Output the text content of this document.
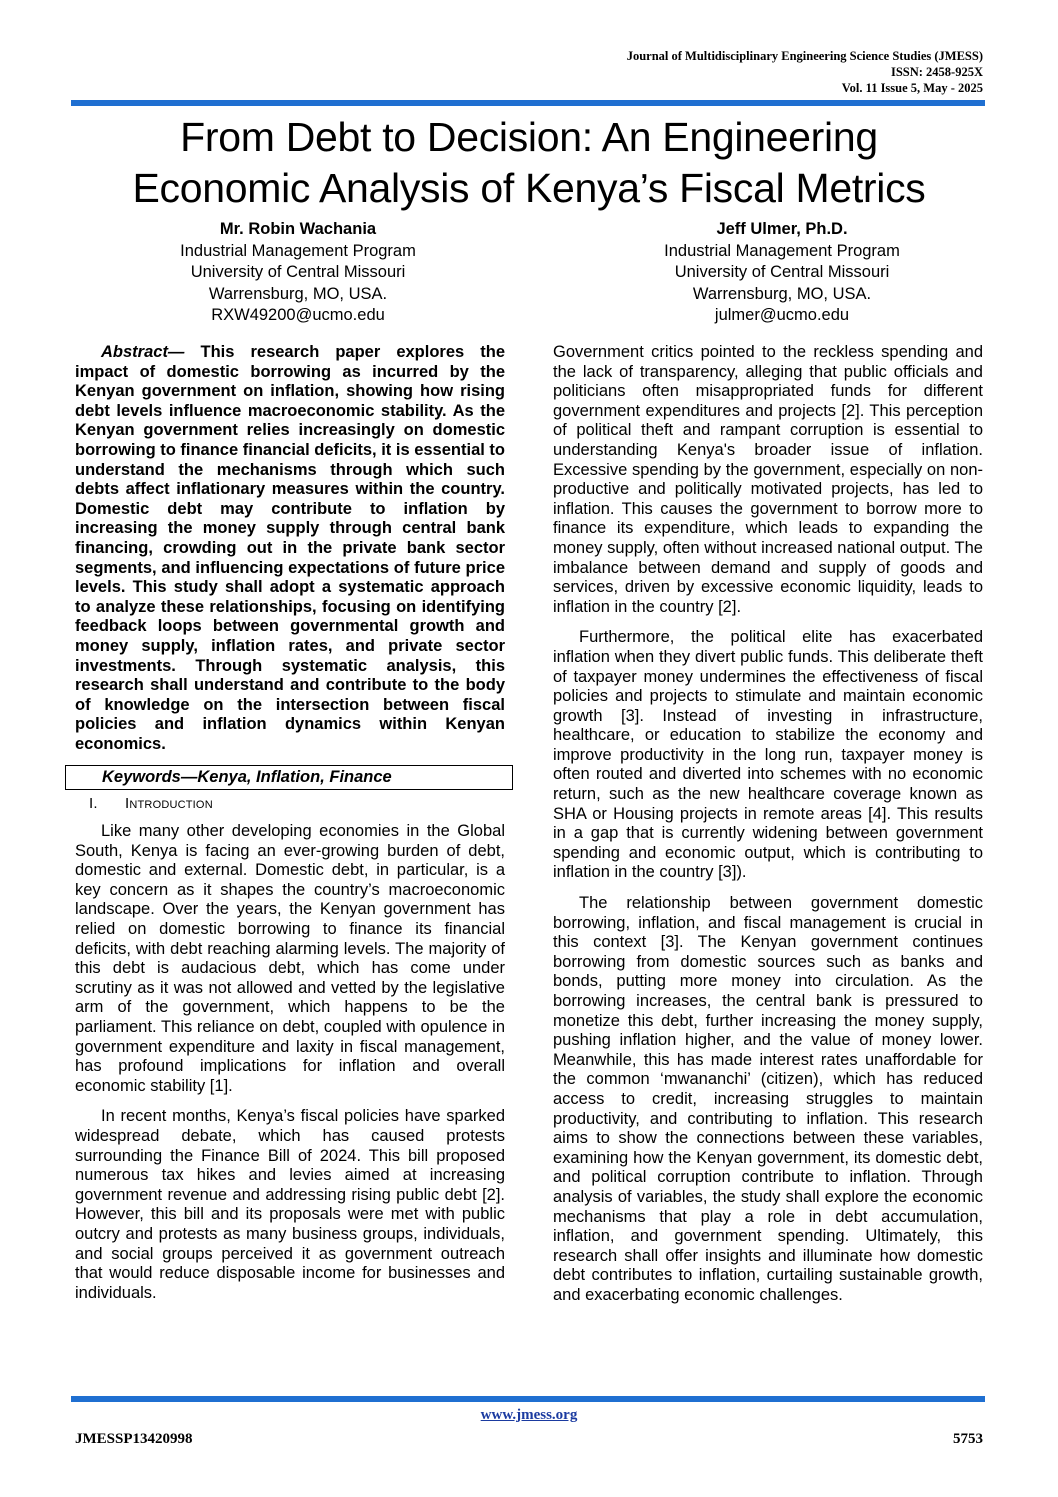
Journal of Multidisciplinary Engineering Science Studies (JMESS)
ISSN: 2458-925X
Vol. 11 Issue 5, May - 2025
From Debt to Decision: An Engineering
Economic Analysis of Kenya’s Fiscal Metrics
Mr. Robin Wachania
Industrial Management Program
University of Central Missouri
Warrensburg, MO, USA.
RXW49200@ucmo.edu
Jeff Ulmer, Ph.D.
Industrial Management Program
University of Central Missouri
Warrensburg, MO, USA.
julmer@ucmo.edu

Abstract— This research paper explores the impact of domestic borrowing as incurred by the Kenyan government on inflation, showing how rising debt levels influence macroeconomic stability. As the Kenyan government relies increasingly on domestic borrowing to finance financial deficits, it is essential to understand the mechanisms through which such debts affect inflationary measures within the country. Domestic debt may contribute to inflation by increasing the money supply through central bank financing, crowding out in the private bank sector segments, and influencing expectations of future price levels. This study shall adopt a systematic approach to analyze these relationships, focusing on identifying feedback loops between governmental growth and money supply, inflation rates, and private sector investments. Through systematic analysis, this research shall understand and contribute to the body of knowledge on the intersection between fiscal policies and inflation dynamics within Kenyan economics.

Keywords—Kenya, Inflation, Finance
I. Introduction

Like many other developing economies in the Global South, Kenya is facing an ever-growing burden of debt, domestic and external. Domestic debt, in particular, is a key concern as it shapes the country’s macroeconomic landscape. Over the years, the Kenyan government has relied on domestic borrowing to finance its financial deficits, with debt reaching alarming levels. The majority of this debt is audacious debt, which has come under scrutiny as it was not allowed and vetted by the legislative arm of the government, which happens to be the parliament. This reliance on debt, coupled with opulence in government expenditure and laxity in fiscal management, has profound implications for inflation and overall economic stability [1].

In recent months, Kenya’s fiscal policies have sparked widespread debate, which has caused protests surrounding the Finance Bill of 2024. This bill proposed numerous tax hikes and levies aimed at increasing government revenue and addressing rising public debt [2]. However, this bill and its proposals were met with public outcry and protests as many business groups, individuals, and social groups perceived it as government outreach that would reduce disposable income for businesses and individuals.

Government critics pointed to the reckless spending and the lack of transparency, alleging that public officials and politicians often misappropriated funds for different government expenditures and projects [2]. This perception of political theft and rampant corruption is essential to understanding Kenya's broader issue of inflation. Excessive spending by the government, especially on non-productive and politically motivated projects, has led to inflation. This causes the government to borrow more to finance its expenditure, which leads to expanding the money supply, often without increased national output. The imbalance between demand and supply of goods and services, driven by excessive economic liquidity, leads to inflation in the country [2].

Furthermore, the political elite has exacerbated inflation when they divert public funds. This deliberate theft of taxpayer money undermines the effectiveness of fiscal policies and projects to stimulate and maintain economic growth [3]. Instead of investing in infrastructure, healthcare, or education to stabilize the economy and improve productivity in the long run, taxpayer money is often routed and diverted into schemes with no economic return, such as the new healthcare coverage known as SHA or Housing projects in remote areas [4]. This results in a gap that is currently widening between government spending and economic output, which is contributing to inflation in the country [3]).

The relationship between government domestic borrowing, inflation, and fiscal management is crucial in this context [3]. The Kenyan government continues borrowing from domestic sources such as banks and bonds, putting more money into circulation. As the borrowing increases, the central bank is pressured to monetize this debt, further increasing the money supply, pushing inflation higher, and the value of money lower. Meanwhile, this has made interest rates unaffordable for the common ‘mwananchi’ (citizen), which has reduced access to credit, increasing struggles to maintain productivity, and contributing to inflation. This research aims to show the connections between these variables, examining how the Kenyan government, its domestic debt, and political corruption contribute to inflation. Through analysis of variables, the study shall explore the economic mechanisms that play a role in debt accumulation, inflation, and government spending. Ultimately, this research shall offer insights and illuminate how domestic debt contributes to inflation, curtailing sustainable growth, and exacerbating economic challenges.

www.jmess.org
JMESSP13420998	5753
